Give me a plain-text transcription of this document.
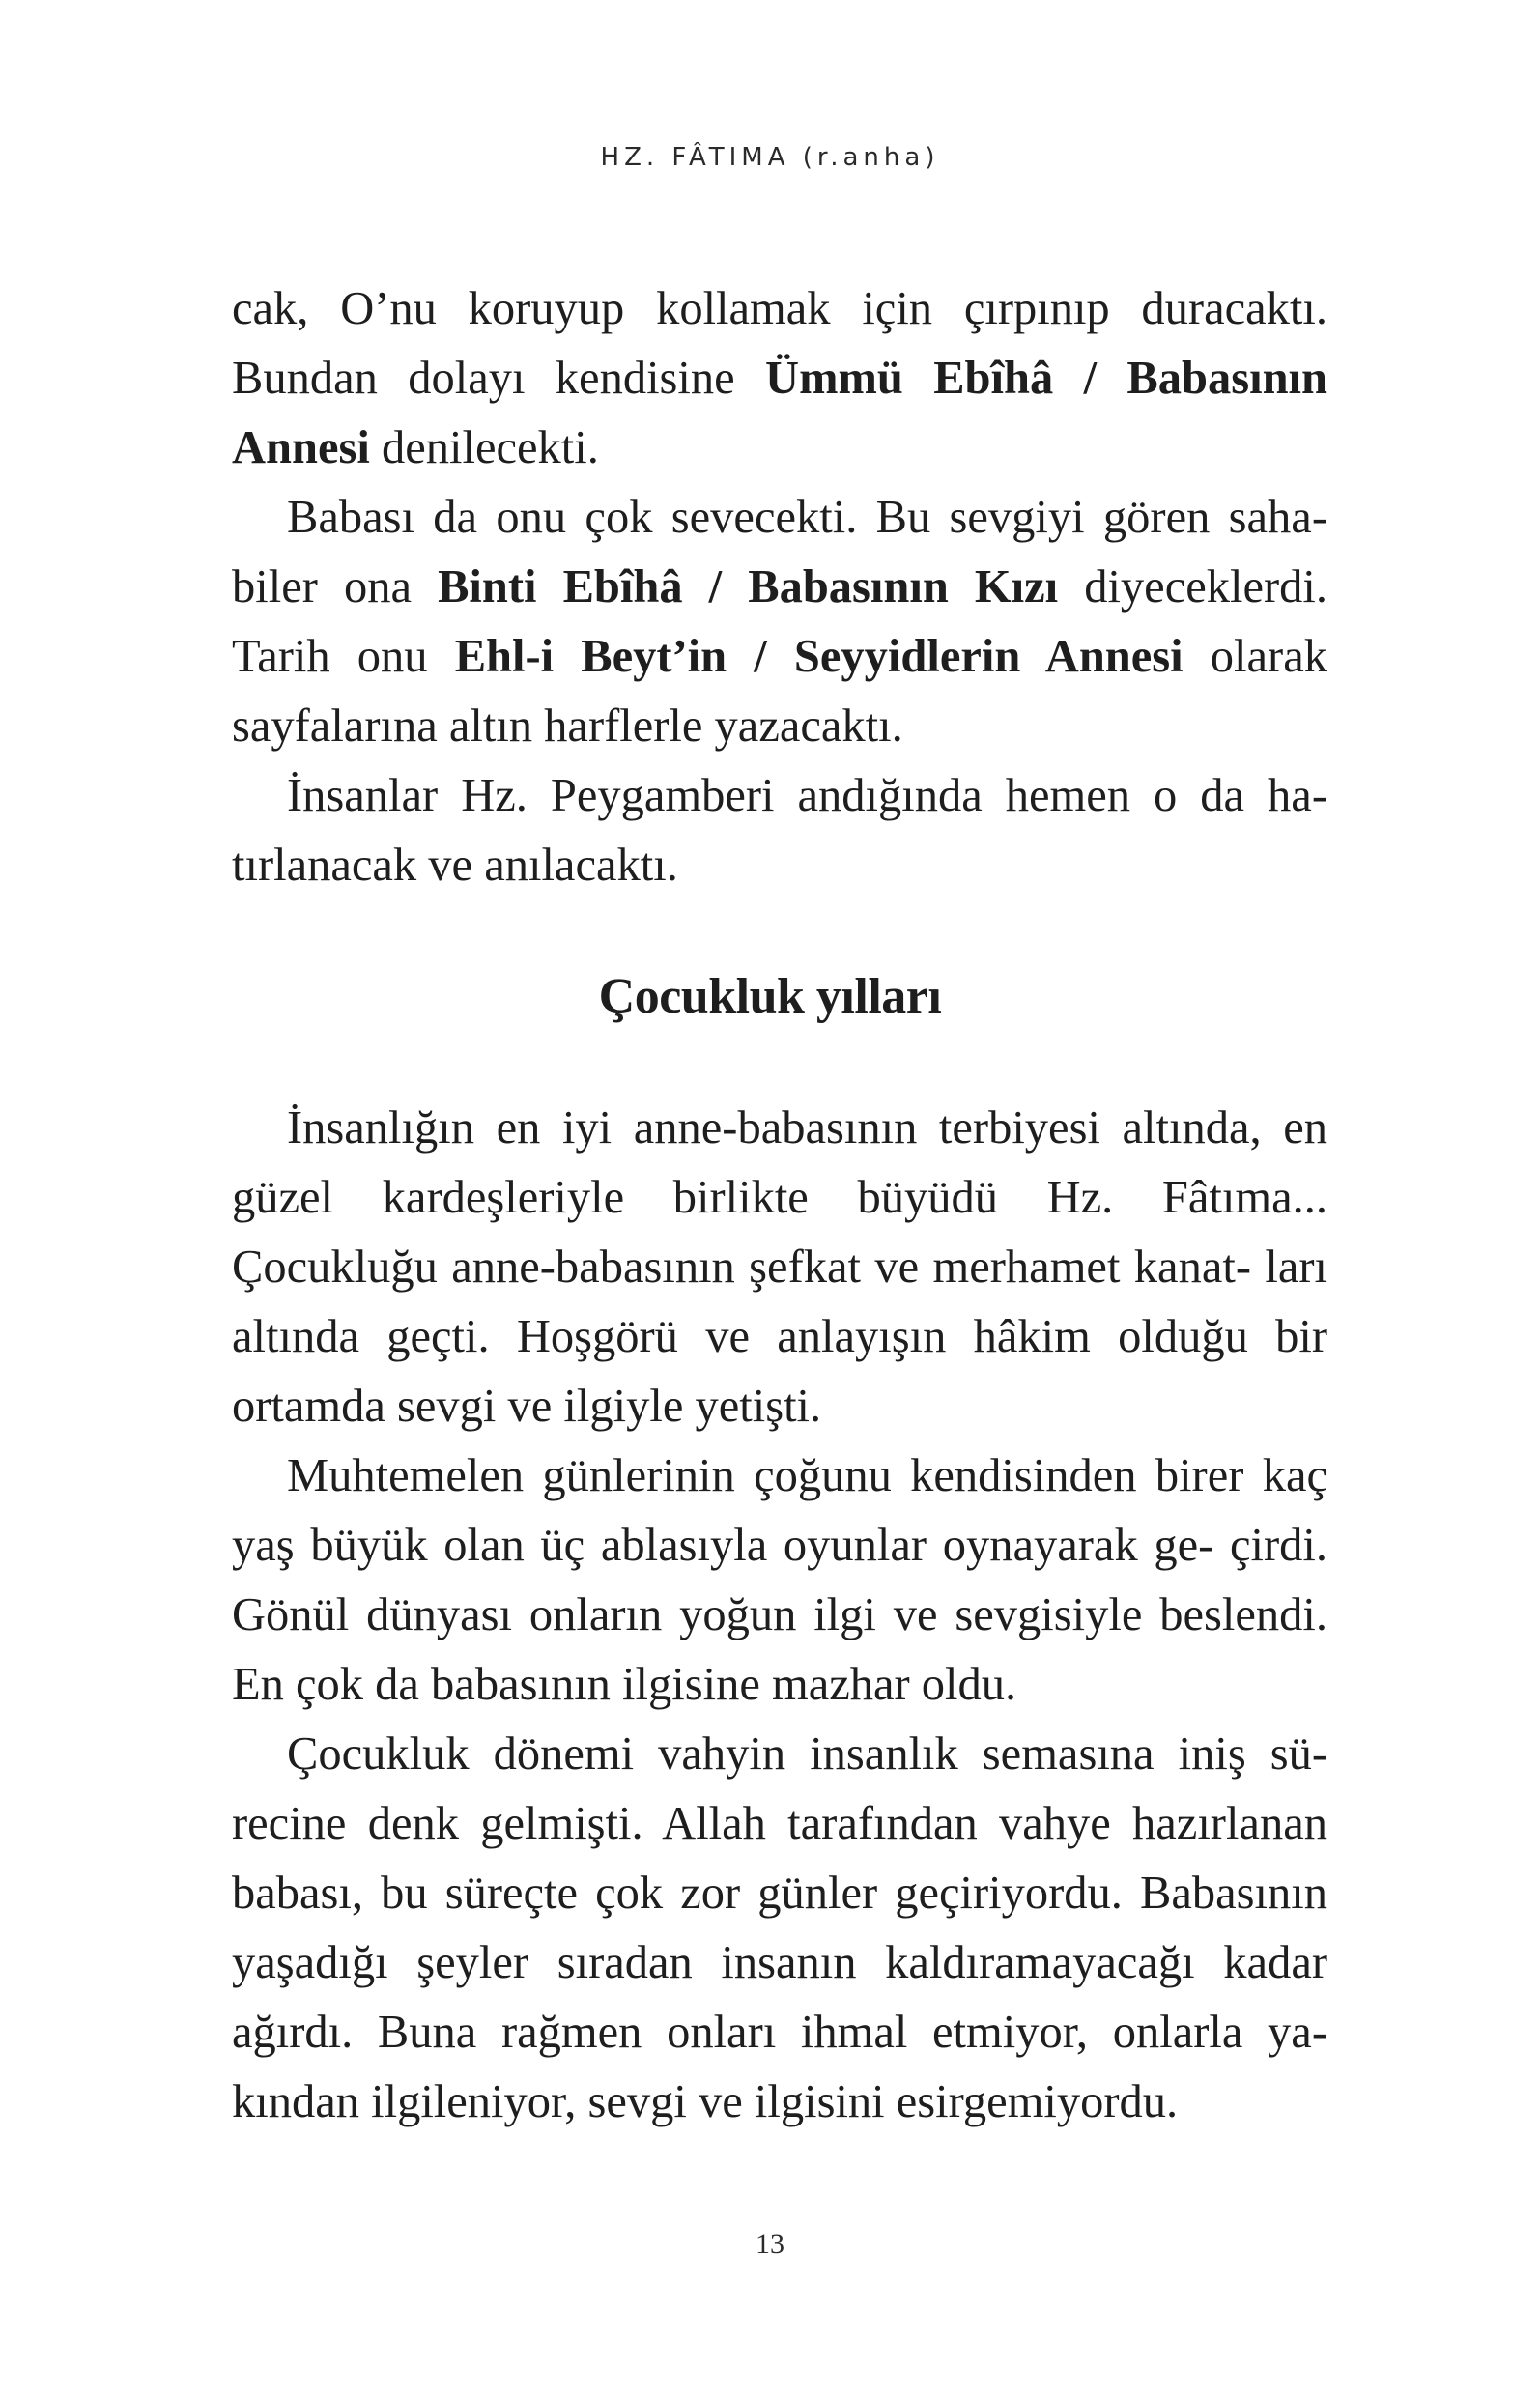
HZ. FÂTIMA (r.anha)

cak, O’nu koruyup kollamak için çırpınıp duracaktı. Bundan dolayı kendisine Ümmü Ebîhâ / Babasının Annesi denilecekti.

Babası da onu çok sevecekti. Bu sevgiyi gören saha- biler ona Binti Ebîhâ / Babasının Kızı diyeceklerdi. Tarih onu Ehl-i Beyt’in / Seyyidlerin Annesi olarak sayfalarına altın harflerle yazacaktı.

İnsanlar Hz. Peygamberi andığında hemen o da ha- tırlanacak ve anılacaktı.

Çocukluk yılları

İnsanlığın en iyi anne-babasının terbiyesi altında, en güzel kardeşleriyle birlikte büyüdü Hz. Fâtıma... Çocukluğu anne-babasının şefkat ve merhamet kanat- ları altında geçti. Hoşgörü ve anlayışın hâkim olduğu bir ortamda sevgi ve ilgiyle yetişti.

Muhtemelen günlerinin çoğunu kendisinden birer kaç yaş büyük olan üç ablasıyla oyunlar oynayarak ge- çirdi. Gönül dünyası onların yoğun ilgi ve sevgisiyle beslendi. En çok da babasının ilgisine mazhar oldu.

Çocukluk dönemi vahyin insanlık semasına iniş sü- recine denk gelmişti. Allah tarafından vahye hazırlanan babası, bu süreçte çok zor günler geçiriyordu. Babasının yaşadığı şeyler sıradan insanın kaldıramayacağı kadar ağırdı. Buna rağmen onları ihmal etmiyor, onlarla ya- kından ilgileniyor, sevgi ve ilgisini esirgemiyordu.

13
